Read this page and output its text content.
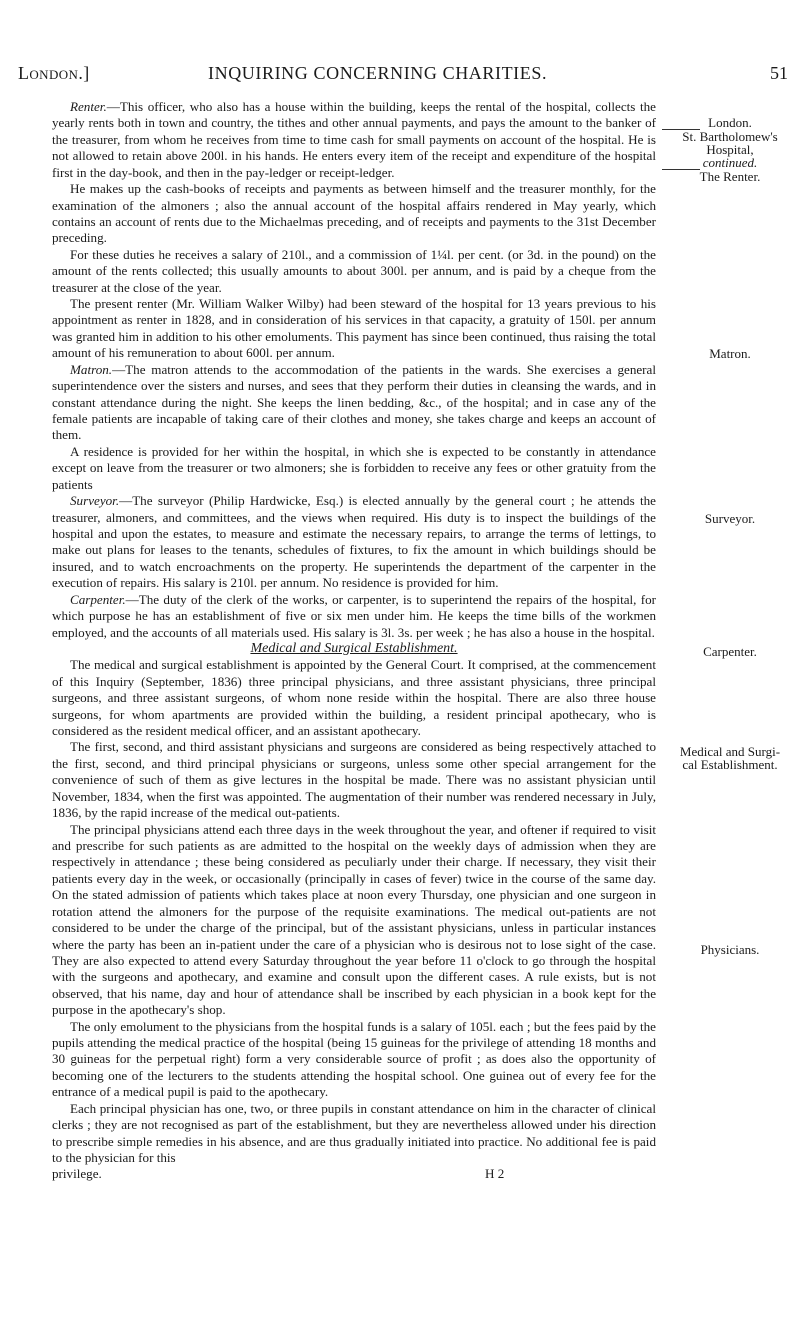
London.]	INQUIRING CONCERNING CHARITIES.	51
London.
St. Bartholomew's
Hospital,
continued.
The Renter.
Matron.
Surveyor.
Carpenter.
Medical and Surgi-
cal Establishment.
Physicians.

Renter.—This officer, who also has a house within the building, keeps the rental of the hospital, collects the yearly rents both in town and country, the tithes and other annual payments, and pays the amount to the banker of the treasurer, from whom he receives from time to time cash for small payments on account of the hospital. He is not allowed to retain above 200l. in his hands. He enters every item of the receipt and expenditure of the hospital first in the day-book, and then in the pay-ledger or receipt-ledger.

He makes up the cash-books of receipts and payments as between himself and the treasurer monthly, for the examination of the almoners ; also the annual account of the hospital affairs rendered in May yearly, which contains an account of rents due to the Michaelmas preceding, and of receipts and payments to the 31st December preceding.

For these duties he receives a salary of 210l., and a commission of 1¼l. per cent. (or 3d. in the pound) on the amount of the rents collected; this usually amounts to about 300l. per annum, and is paid by a cheque from the treasurer at the close of the year.

The present renter (Mr. William Walker Wilby) had been steward of the hospital for 13 years previous to his appointment as renter in 1828, and in consideration of his services in that capacity, a gratuity of 150l. per annum was granted him in addition to his other emoluments. This payment has since been continued, thus raising the total amount of his remuneration to about 600l. per annum.

Matron.—The matron attends to the accommodation of the patients in the wards. She exercises a general superintendence over the sisters and nurses, and sees that they perform their duties in cleansing the wards, and in constant attendance during the night. She keeps the linen bedding, &c., of the hospital; and in case any of the female patients are incapable of taking care of their clothes and money, she takes charge and keeps an account of them.

A residence is provided for her within the hospital, in which she is expected to be constantly in attendance except on leave from the treasurer or two almoners; she is forbidden to receive any fees or other gratuity from the patients

Surveyor.—The surveyor (Philip Hardwicke, Esq.) is elected annually by the general court ; he attends the treasurer, almoners, and committees, and the views when required. His duty is to inspect the buildings of the hospital and upon the estates, to measure and estimate the necessary repairs, to arrange the terms of lettings, to make out plans for leases to the tenants, schedules of fixtures, to fix the amount in which buildings should be insured, and to watch encroachments on the property. He superintends the department of the carpenter in the execution of repairs. His salary is 210l. per annum. No residence is provided for him.

Carpenter.—The duty of the clerk of the works, or carpenter, is to superintend the repairs of the hospital, for which purpose he has an establishment of five or six men under him. He keeps the time bills of the workmen employed, and the accounts of all materials used. His salary is 3l. 3s. per week ; he has also a house in the hospital.

Medical and Surgical Establishment.

The medical and surgical establishment is appointed by the General Court. It comprised, at the commencement of this Inquiry (September, 1836) three principal physicians, and three assistant physicians, three principal surgeons, and three assistant surgeons, of whom none reside within the hospital. There are also three house surgeons, for whom apartments are provided within the building, a resident principal apothecary, who is considered as the resident medical officer, and an assistant apothecary.

The first, second, and third assistant physicians and surgeons are considered as being respectively attached to the first, second, and third principal physicians or surgeons, unless some other special arrangement for the convenience of such of them as give lectures in the hospital be made. There was no assistant physician until November, 1834, when the first was appointed. The augmentation of their number was rendered necessary in July, 1836, by the rapid increase of the medical out-patients.

The principal physicians attend each three days in the week throughout the year, and oftener if required to visit and prescribe for such patients as are admitted to the hospital on the weekly days of admission when they are respectively in attendance ; these being considered as peculiarly under their charge. If necessary, they visit their patients every day in the week, or occasionally (principally in cases of fever) twice in the course of the same day. On the stated admission of patients which takes place at noon every Thursday, one physician and one surgeon in rotation attend the almoners for the purpose of the requisite examinations. The medical out-patients are not considered to be under the charge of the principal, but of the assistant physicians, unless in particular instances where the party has been an in-patient under the care of a physician who is desirous not to lose sight of the case. They are also expected to attend every Saturday throughout the year before 11 o'clock to go through the hospital with the surgeons and apothecary, and examine and consult upon the different cases. A rule exists, but is not observed, that his name, day and hour of attendance shall be inscribed by each physician in a book kept for the purpose in the apothecary's shop.

The only emolument to the physicians from the hospital funds is a salary of 105l. each ; but the fees paid by the pupils attending the medical practice of the hospital (being 15 guineas for the privilege of attending 18 months and 30 guineas for the perpetual right) form a very considerable source of profit ; as does also the opportunity of becoming one of the lecturers to the students attending the hospital school. One guinea out of every fee for the entrance of a medical pupil is paid to the apothecary.

Each principal physician has one, two, or three pupils in constant attendance on him in the character of clinical clerks ; they are not recognised as part of the establishment, but they are nevertheless allowed under his direction to prescribe simple remedies in his absence, and are thus gradually initiated into practice. No additional fee is paid to the physician for this

privilege.	H 2
